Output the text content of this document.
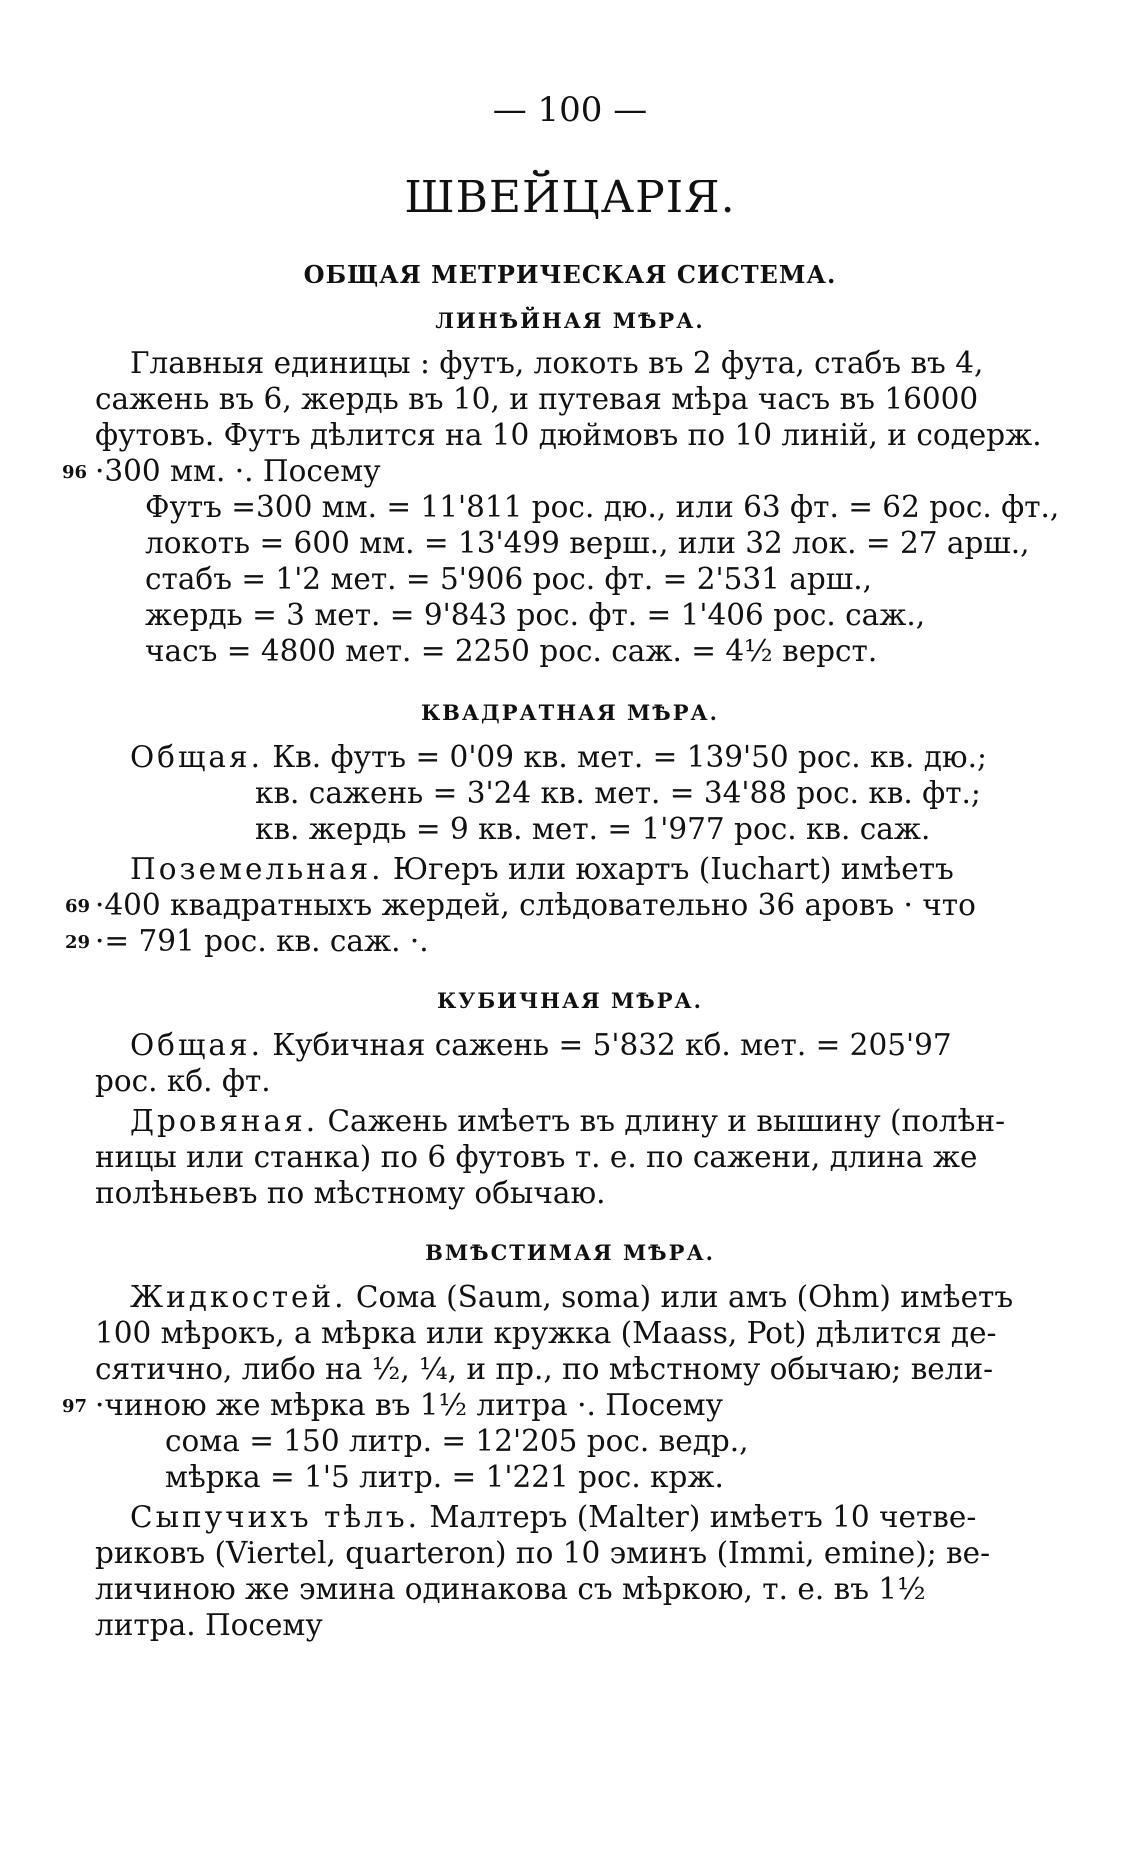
— 100 —
ШВЕЙЦАРІЯ.
ОБЩАЯ МЕТРИЧЕСКАЯ СИСТЕМА.
ЛИНѢЙНАЯ МѢРА.
Главныя единицы : футъ, локоть въ 2 фута, стабъ въ 4,
сажень въ 6, жердь въ 10, и путевая мѣра часъ въ 16000
футовъ. Футъ дѣлится на 10 дюймовъ по 10 линій, и содерж.
96 ·300 мм. ·. Посему
Футъ =300 мм. = 11'811 рос. дю., или 63 фт. = 62 рос. фт.,
локоть = 600 мм. = 13'499 верш., или 32 лок. = 27 арш.,
стабъ = 1'2 мет. = 5'906 рос. фт. = 2'531 арш.,
жердь = 3 мет. = 9'843 рос. фт. = 1'406 рос. саж.,
часъ = 4800 мет. = 2250 рос. саж. = 4½ верст.
КВАДРАТНАЯ МѢРА.
Общая. Кв. футъ = 0'09 кв. мет. = 139'50 рос. кв. дю.;
кв. сажень = 3'24 кв. мет. = 34'88 рос. кв. фт.;
кв. жердь = 9 кв. мет. = 1'977 рос. кв. саж.
Поземельная. Югеръ или юхартъ (Iuchart) имѣетъ
69 ·400 квадратныхъ жердей, слѣдовательно 36 аровъ · что
29 ·= 791 рос. кв. саж. ·.
КУБИЧНАЯ МѢРА.
Общая. Кубичная сажень = 5'832 кб. мет. = 205'97
рос. кб. фт.
Дровяная. Сажень имѣетъ въ длину и вышину (полѣн-
ницы или станка) по 6 футовъ т. е. по сажени, длина же
полѣньевъ по мѣстному обычаю.
ВМѢСТИМАЯ МѢРА.
Жидкостей. Сома (Saum, soma) или амъ (Ohm) имѣетъ
100 мѣрокъ, а мѣрка или кружка (Maass, Pot) дѣлится де-
сятично, либо на ½, ¼, и пр., по мѣстному обычаю; вели-
97 ·чиною же мѣрка въ 1½ литра ·. Посему
сома = 150 литр. = 12'205 рос. ведр.,
мѣрка = 1'5 литр. = 1'221 рос. крж.
Сыпучихъ тѣлъ. Малтеръ (Malter) имѣетъ 10 четве-
риковъ (Viertel, quarteron) по 10 эминъ (Immi, emine); ве-
личиною же эмина одинакова съ мѣркою, т. е. въ 1½
литра. Посему
